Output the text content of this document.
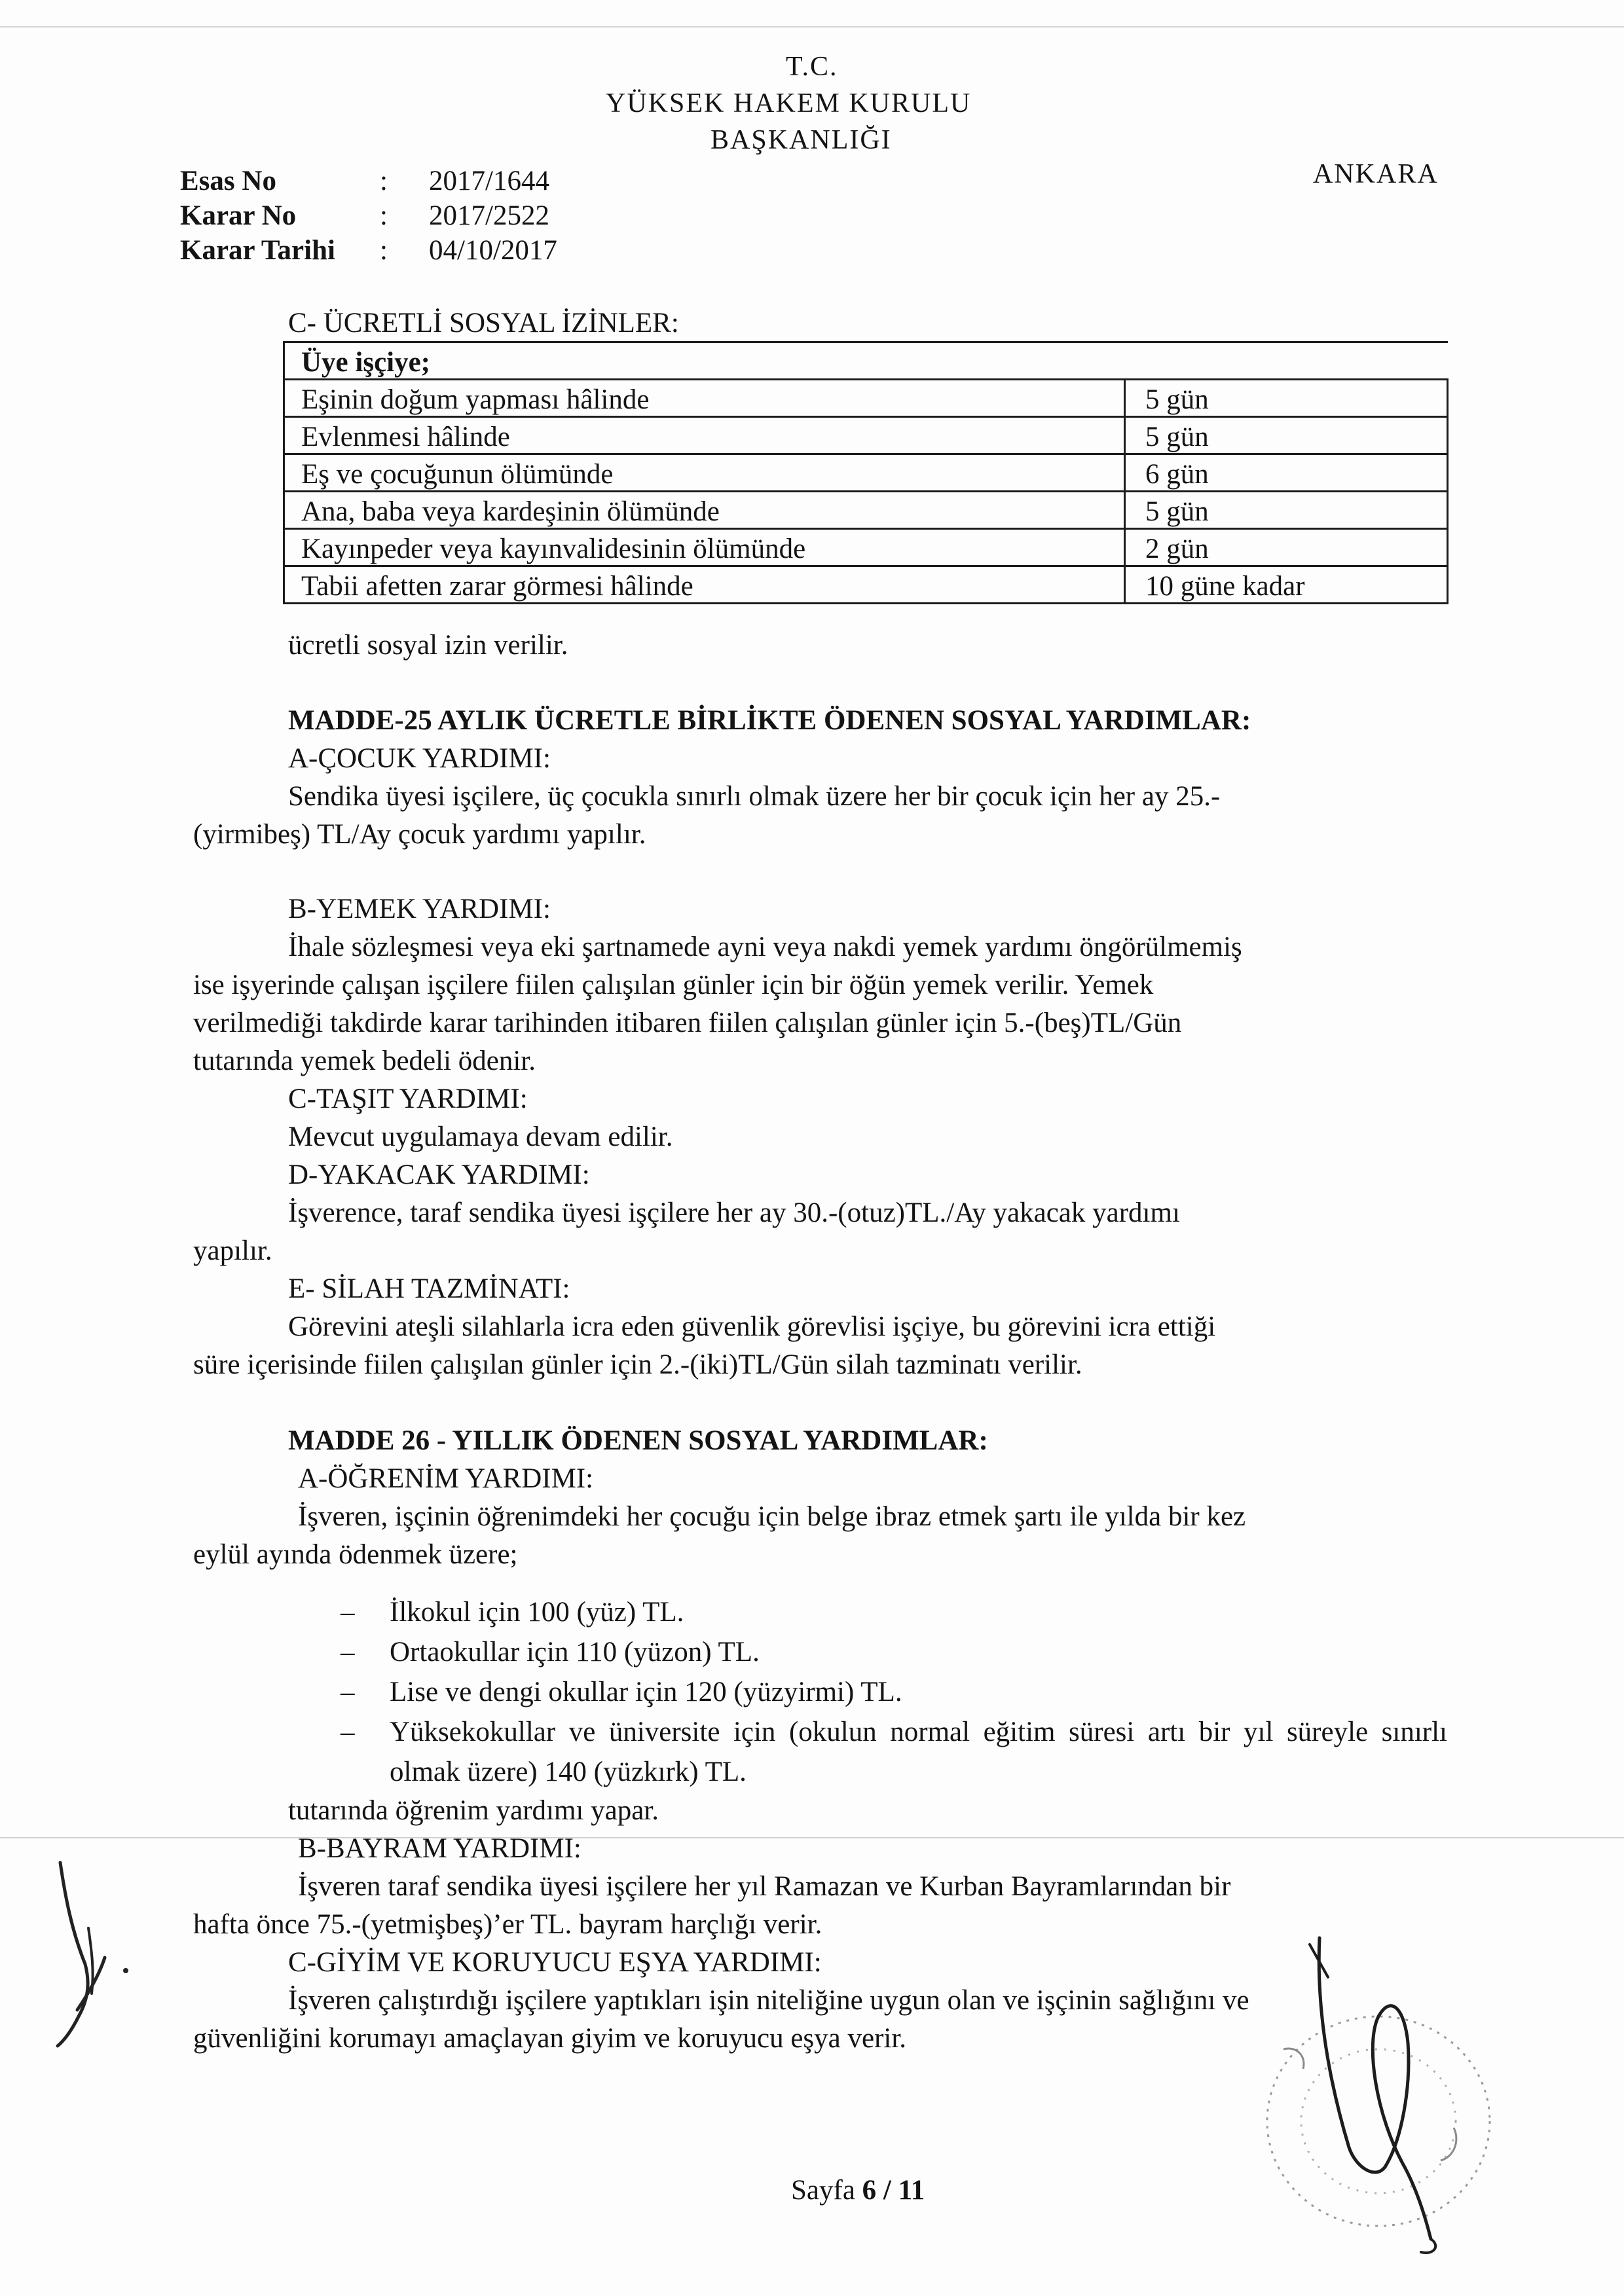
T.C.
YÜKSEK HAKEM KURULU
BAŞKANLIĞI
ANKARA
Esas No	: 2017/1644
Karar No	: 2017/2522
Karar Tarihi : 04/10/2017
C- ÜCRETLİ SOSYAL İZİNLER:
Üye işçiye;	
Eşinin doğum yapması hâlinde	5 gün
Evlenmesi hâlinde	5 gün
Eş ve çocuğunun ölümünde	6 gün
Ana, baba veya kardeşinin ölümünde	5 gün
Kayınpeder veya kayınvalidesinin ölümünde	2 gün
Tabii afetten zarar görmesi hâlinde	10 güne kadar
ücretli sosyal izin verilir.
MADDE-25 AYLIK ÜCRETLE BİRLİKTE ÖDENEN SOSYAL YARDIMLAR:
A-ÇOCUK YARDIMI:
Sendika üyesi işçilere, üç çocukla sınırlı olmak üzere her bir çocuk için her ay 25.-
(yirmibeş) TL/Ay çocuk yardımı yapılır.
B-YEMEK YARDIMI:
İhale sözleşmesi veya eki şartnamede ayni veya nakdi yemek yardımı öngörülmemiş
ise işyerinde çalışan işçilere fiilen çalışılan günler için bir öğün yemek verilir. Yemek
verilmediği takdirde karar tarihinden itibaren fiilen çalışılan günler için 5.-(beş)TL/Gün
tutarında yemek bedeli ödenir.
C-TAŞIT YARDIMI:
Mevcut uygulamaya devam edilir.
D-YAKACAK YARDIMI:
İşverence, taraf sendika üyesi işçilere her ay 30.-(otuz)TL./Ay yakacak yardımı
yapılır.
E- SİLAH TAZMİNATI:
Görevini ateşli silahlarla icra eden güvenlik görevlisi işçiye, bu görevini icra ettiği
süre içerisinde fiilen çalışılan günler için 2.-(iki)TL/Gün silah tazminatı verilir.
MADDE 26 - YILLIK ÖDENEN SOSYAL YARDIMLAR:
A-ÖĞRENİM YARDIMI:
İşveren, işçinin öğrenimdeki her çocuğu için belge ibraz etmek şartı ile yılda bir kez
eylül ayında ödenmek üzere;
– İlkokul için 100 (yüz) TL.
– Ortaokullar için 110 (yüzon) TL.
– Lise ve dengi okullar için 120 (yüzyirmi) TL.
– Yüksekokullar ve üniversite için (okulun normal eğitim süresi artı bir yıl süreyle sınırlı olmak üzere) 140 (yüzkırk) TL.
tutarında öğrenim yardımı yapar.
B-BAYRAM YARDIMI:
İşveren taraf sendika üyesi işçilere her yıl Ramazan ve Kurban Bayramlarından bir
hafta önce 75.-(yetmişbeş)’er TL. bayram harçlığı verir.
C-GİYİM VE KORUYUCU EŞYA YARDIMI:
İşveren çalıştırdığı işçilere yaptıkları işin niteliğine uygun olan ve işçinin sağlığını ve
güvenliğini korumayı amaçlayan giyim ve koruyucu eşya verir.
Sayfa 6 / 11
